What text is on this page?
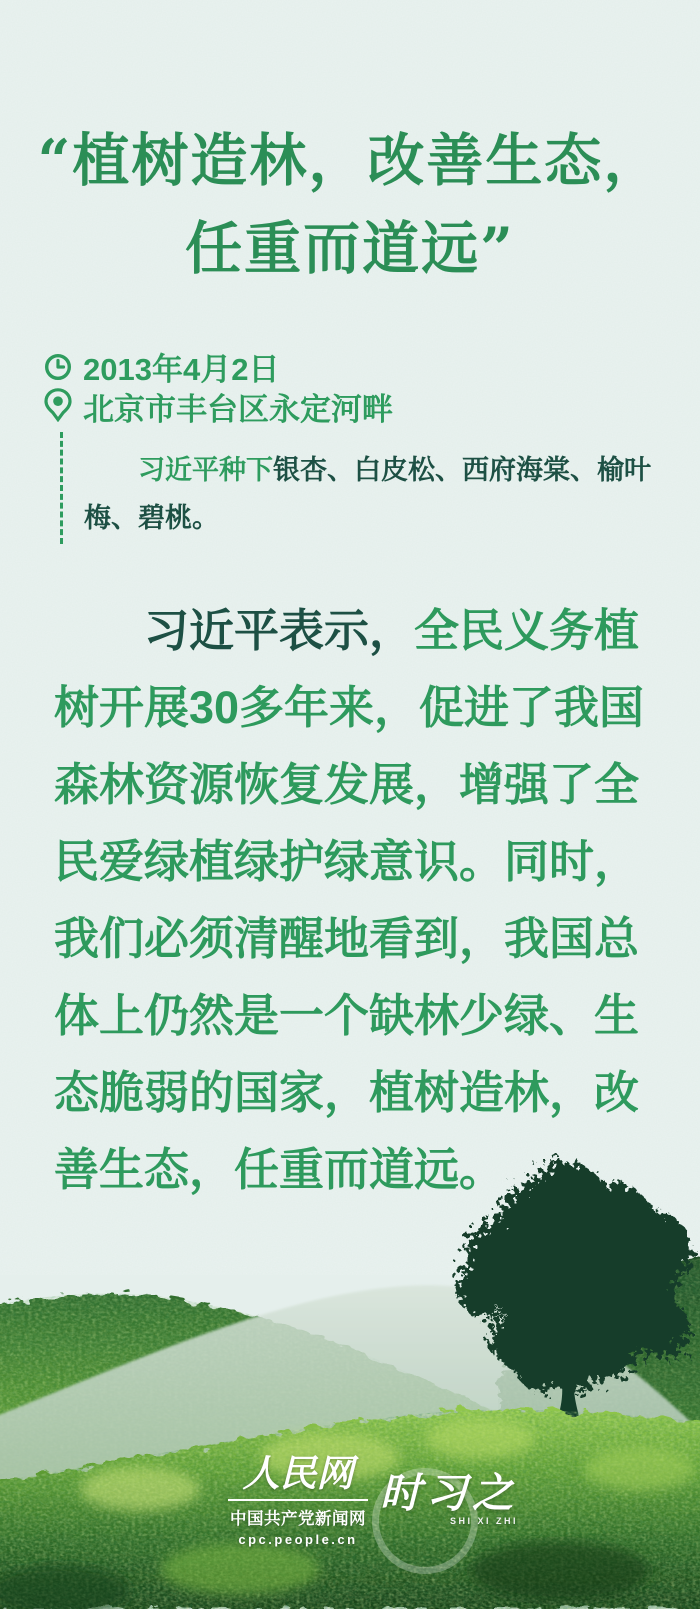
“植树造林，改善生态，
任重而道远”
2013年4月2日
北京市丰台区永定河畔

习近平种下银杏、白皮松、西府海棠、榆叶梅、碧桃。

习近平表示，全民义务植树开展30多年来，促进了我国森林资源恢复发展，增强了全民爱绿植绿护绿意识。同时，我们必须清醒地看到，我国总体上仍然是一个缺林少绿、生态脆弱的国家，植树造林，改善生态，任重而道远。

人民网
中国共产党新闻网
cpc.people.cn
时习之
SHI XI ZHI
